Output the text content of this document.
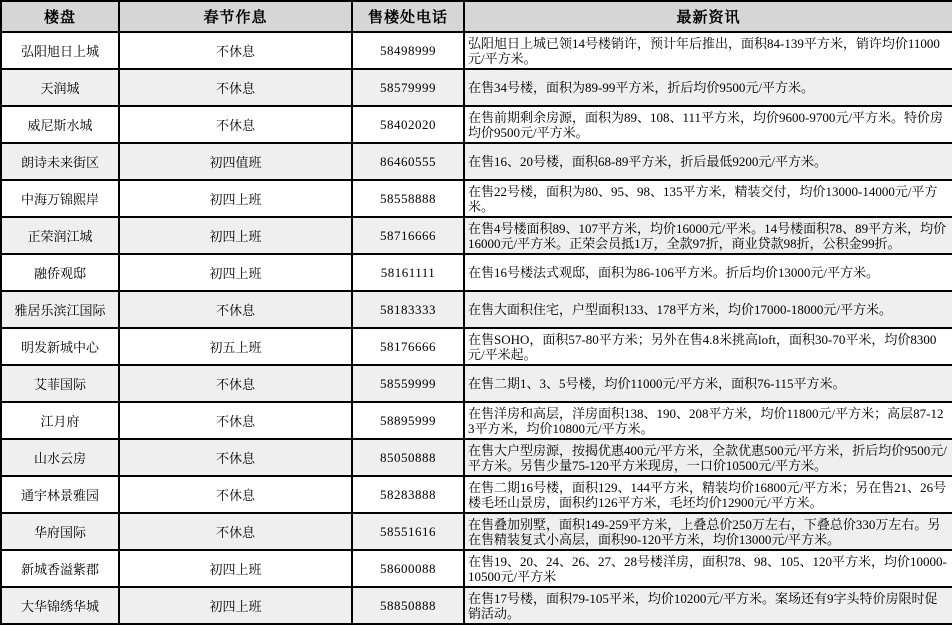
楼盘	春节作息	售楼处电话	最新资讯
弘阳旭日上城	不休息	58498999	弘阳旭日上城已领14号楼销许，预计年后推出，面积84-139平方米，销许均价11000元/平方米。
天润城	不休息	58579999	在售34号楼，面积为89-99平方米，折后均价9500元/平方米。
威尼斯水城	不休息	58402020	在售前期剩余房源，面积为89、108、111平方米，均价9600-9700元/平方米。特价房均价9500元/平方米。
朗诗未来街区	初四值班	86460555	在售16、20号楼，面积68-89平方米，折后最低9200元/平方米。
中海万锦熙岸	初四上班	58558888	在售22号楼，面积为80、95、98、135平方米，精装交付，均价13000-14000元/平方米。
正荣润江城	初四上班	58716666	在售4号楼面积89、107平方米，均价16000元/平米。14号楼面积78、89平方米，均价16000元/平方米。正荣会员抵1万，全款97折，商业贷款98折，公积金99折。
融侨观邸	初四上班	58161111	在售16号楼法式观邸，面积为86-106平方米。折后均价13000元/平方米。
雅居乐滨江国际	不休息	58183333	在售大面积住宅，户型面积133、178平方米，均价17000-18000元/平方米。
明发新城中心	初五上班	58176666	在售SOHO，面积57-80平方米；另外在售4.8米挑高loft，面积30-70平米，均价8300元/平米起。
艾菲国际	不休息	58559999	在售二期1、3、5号楼，均价11000元/平方米，面积76-115平方米。
江月府	不休息	58895999	在售洋房和高层，洋房面积138、190、208平方米，均价11800元/平方米；高层87-123平方米，均价10800元/平方米。
山水云房	不休息	85050888	在售大户型房源，按揭优惠400元/平方米，全款优惠500元/平方米，折后均价9500元/平方米。另售少量75-120平方米现房，一口价10500元/平方米。
通宇林景雅园	不休息	58283888	在售二期16号楼，面积129、144平方米，精装均价16800元/平方米；另在售21、26号楼毛坯山景房，面积约126平方米，毛坯均价12900元/平方米。
华府国际	不休息	58551616	在售叠加别墅，面积149-259平方米，上叠总价250万左右，下叠总价330万左右。另在售精装复式小高层，面积90-120平方米，均价13000元/平方米。
新城香溢紫郡	初四上班	58600088	在售19、20、24、26、27、28号楼洋房，面积78、98、105、120平方米，均价10000-10500元/平方米
大华锦绣华城	初四上班	58850888	在售17号楼，面积79-105平米，均价10200元/平方米。案场还有9字头特价房限时促销活动。
